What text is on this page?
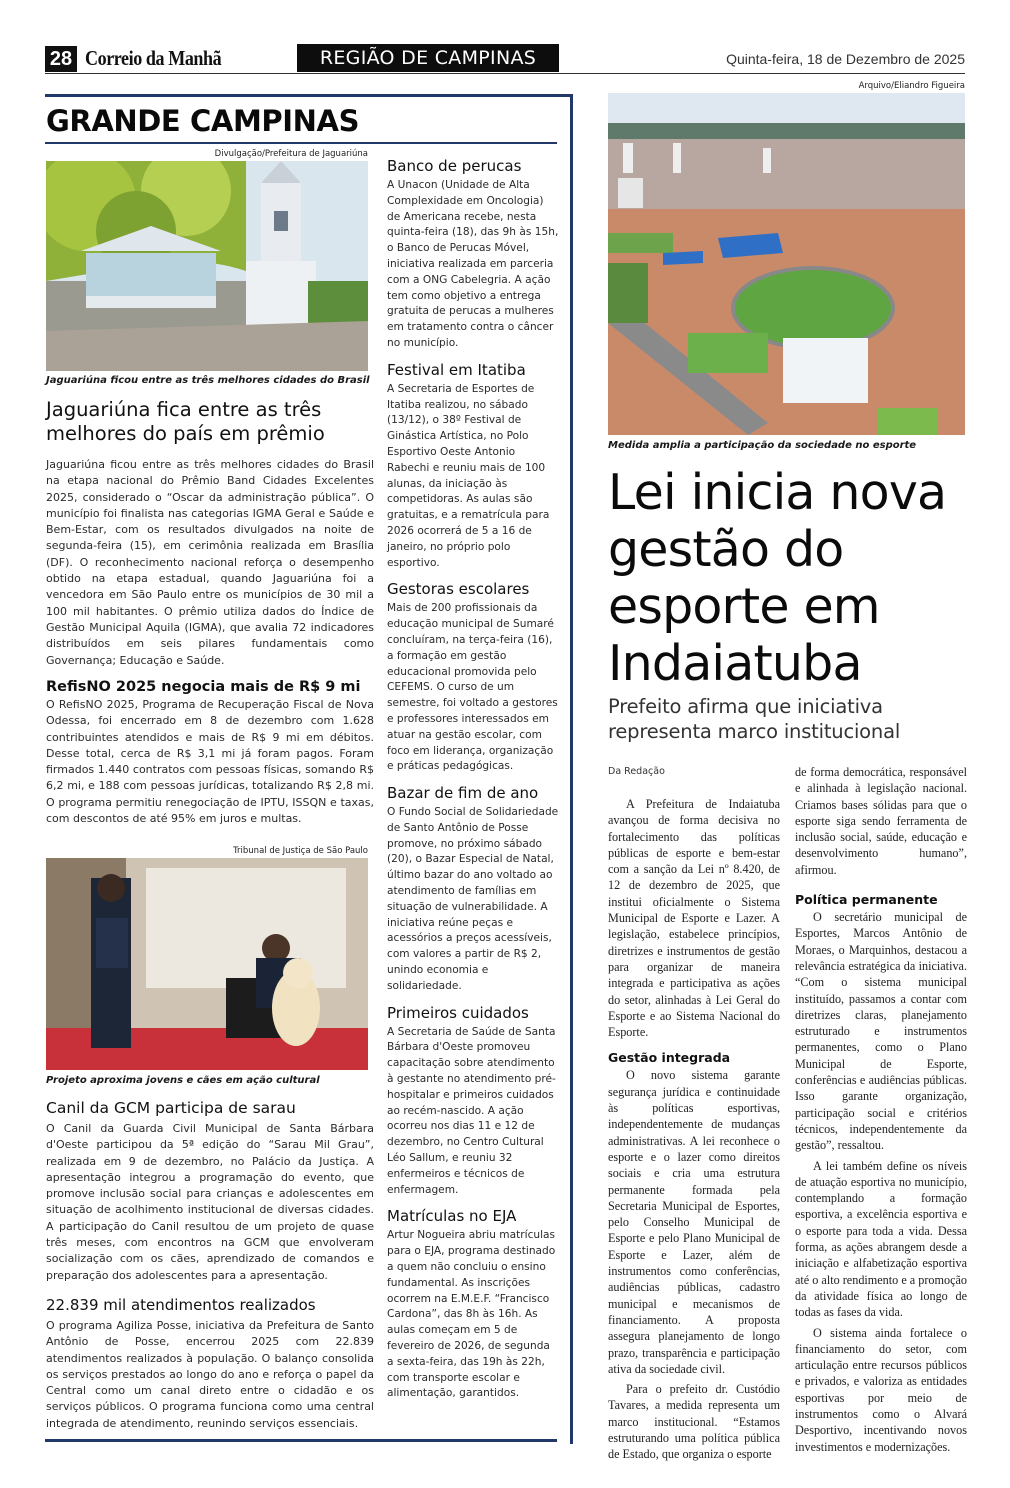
28 Correio da Manhã	REGIÃO DE CAMPINAS	Quinta-feira, 18 de Dezembro de 2025
GRANDE CAMPINAS
Divulgação/Prefeitura de Jaguariúna
Jaguariúna ficou entre as três melhores cidades do Brasil
Jaguariúna fica entre as três melhores do país em prêmio
Jaguariúna ficou entre as três melhores cidades do Brasil na etapa nacional do Prêmio Band Cidades Excelentes 2025, considerado o “Oscar da administração pública”. O município foi finalista nas categorias IGMA Geral e Saúde e Bem-Estar, com os resultados divulgados na noite de segunda-feira (15), em cerimônia realizada em Brasília (DF). O reconhecimento nacional reforça o desempenho obtido na etapa estadual, quando Jaguariúna foi a vencedora em São Paulo entre os municípios de 30 mil a 100 mil habitantes. O prêmio utiliza dados do Índice de Gestão Municipal Aquila (IGMA), que avalia 72 indicadores distribuídos em seis pilares fundamentais como Governança; Educação e Saúde.
RefisNO 2025 negocia mais de R$ 9 mi
O RefisNO 2025, Programa de Recuperação Fiscal de Nova Odessa, foi encerrado em 8 de dezembro com 1.628 contribuintes atendidos e mais de R$ 9 mi em débitos. Desse total, cerca de R$ 3,1 mi já foram pagos. Foram firmados 1.440 contratos com pessoas físicas, somando R$ 6,2 mi, e 188 com pessoas jurídicas, totalizando R$ 2,8 mi. O programa permitiu renegociação de IPTU, ISSQN e taxas, com descontos de até 95% em juros e multas.
Tribunal de Justiça de São Paulo
Projeto aproxima jovens e cães em ação cultural
Canil da GCM participa de sarau
O Canil da Guarda Civil Municipal de Santa Bárbara d'Oeste participou da 5ª edição do “Sarau Mil Grau”, realizada em 9 de dezembro, no Palácio da Justiça. A apresentação integrou a programação do evento, que promove inclusão social para crianças e adolescentes em situação de acolhimento institucional de diversas cidades. A participação do Canil resultou de um projeto de quase três meses, com encontros na GCM que envolveram socialização com os cães, aprendizado de comandos e preparação dos adolescentes para a apresentação.
22.839 mil atendimentos realizados
O programa Agiliza Posse, iniciativa da Prefeitura de Santo Antônio de Posse, encerrou 2025 com 22.839 atendimentos realizados à população. O balanço consolida os serviços prestados ao longo do ano e reforça o papel da Central como um canal direto entre o cidadão e os serviços públicos. O programa funciona como uma central integrada de atendimento, reunindo serviços essenciais.
Banco de perucas

A Unacon (Unidade de Alta Complexidade em Oncologia) de Americana recebe, nesta quinta-feira (18), das 9h às 15h, o Banco de Perucas Móvel, iniciativa realizada em parceria com a ONG Cabelegria. A ação tem como objetivo a entrega gratuita de perucas a mulheres em tratamento contra o câncer no município.

Festival em Itatiba

A Secretaria de Esportes de Itatiba realizou, no sábado (13/12), o 38º Festival de Ginástica Artística, no Polo Esportivo Oeste Antonio Rabechi e reuniu mais de 100 alunas, da iniciação às competidoras. As aulas são gratuitas, e a rematrícula para 2026 ocorrerá de 5 a 16 de janeiro, no próprio polo esportivo.

Gestoras escolares

Mais de 200 profissionais da educação municipal de Sumaré concluíram, na terça-feira (16), a formação em gestão educacional promovida pelo CEFEMS. O curso de um semestre, foi voltado a gestores e professores interessados em atuar na gestão escolar, com foco em liderança, organização e práticas pedagógicas.

Bazar de fim de ano

O Fundo Social de Solidariedade de Santo Antônio de Posse promove, no próximo sábado (20), o Bazar Especial de Natal, último bazar do ano voltado ao atendimento de famílias em situação de vulnerabilidade. A iniciativa reúne peças e acessórios a preços acessíveis, com valores a partir de R$ 2, unindo economia e solidariedade.

Primeiros cuidados

A Secretaria de Saúde de Santa Bárbara d'Oeste promoveu capacitação sobre atendimento à gestante no atendimento pré-hospitalar e primeiros cuidados ao recém-nascido. A ação ocorreu nos dias 11 e 12 de dezembro, no Centro Cultural Léo Sallum, e reuniu 32 enfermeiros e técnicos de enfermagem.

Matrículas no EJA

Artur Nogueira abriu matrículas para o EJA, programa destinado a quem não concluiu o ensino fundamental. As inscrições ocorrem na E.M.E.F. “Francisco Cardona”, das 8h às 16h. As aulas começam em 5 de fevereiro de 2026, de segunda a sexta-feira, das 19h às 22h, com transporte escolar e alimentação, garantidos.

Arquivo/Eliandro Figueira
Medida amplia a participação da sociedade no esporte
Lei inicia nova gestão do esporte em Indaiatuba
Prefeito afirma que iniciativa representa marco institucional
Da Redação

A Prefeitura de Indaiatuba avançou de forma decisiva no fortalecimento das políticas públicas de esporte e bem-estar com a sanção da Lei nº 8.420, de 12 de dezembro de 2025, que institui oficialmente o Sistema Municipal de Esporte e Lazer. A legislação, estabelece princípios, diretrizes e instrumentos de gestão para organizar de maneira integrada e participativa as ações do setor, alinhadas à Lei Geral do Esporte e ao Sistema Nacional do Esporte.

Gestão integrada

O novo sistema garante segurança jurídica e continuidade às políticas esportivas, independentemente de mudanças administrativas. A lei reconhece o esporte e o lazer como direitos sociais e cria uma estrutura permanente formada pela Secretaria Municipal de Esportes, pelo Conselho Municipal de Esporte e pelo Plano Municipal de Esporte e Lazer, além de instrumentos como conferências, audiências públicas, cadastro municipal e mecanismos de financiamento. A proposta assegura planejamento de longo prazo, transparência e participação ativa da sociedade civil.

Para o prefeito dr. Custódio Tavares, a medida representa um marco institucional. “Estamos estruturando uma política pública de Estado, que organiza o esporte

de forma democrática, responsável e alinhada à legislação nacional. Criamos bases sólidas para que o esporte siga sendo ferramenta de inclusão social, saúde, educação e desenvolvimento humano”, afirmou.

Política permanente

O secretário municipal de Esportes, Marcos Antônio de Moraes, o Marquinhos, destacou a relevância estratégica da iniciativa. “Com o sistema municipal instituído, passamos a contar com diretrizes claras, planejamento estruturado e instrumentos permanentes, como o Plano Municipal de Esporte, conferências e audiências públicas. Isso garante organização, participação social e critérios técnicos, independentemente da gestão”, ressaltou.

A lei também define os níveis de atuação esportiva no município, contemplando a formação esportiva, a excelência esportiva e o esporte para toda a vida. Dessa forma, as ações abrangem desde a iniciação e alfabetização esportiva até o alto rendimento e a promoção da atividade física ao longo de todas as fases da vida.

O sistema ainda fortalece o financiamento do setor, com articulação entre recursos públicos e privados, e valoriza as entidades esportivas por meio de instrumentos como o Alvará Desportivo, incentivando novos investimentos e modernizações.
